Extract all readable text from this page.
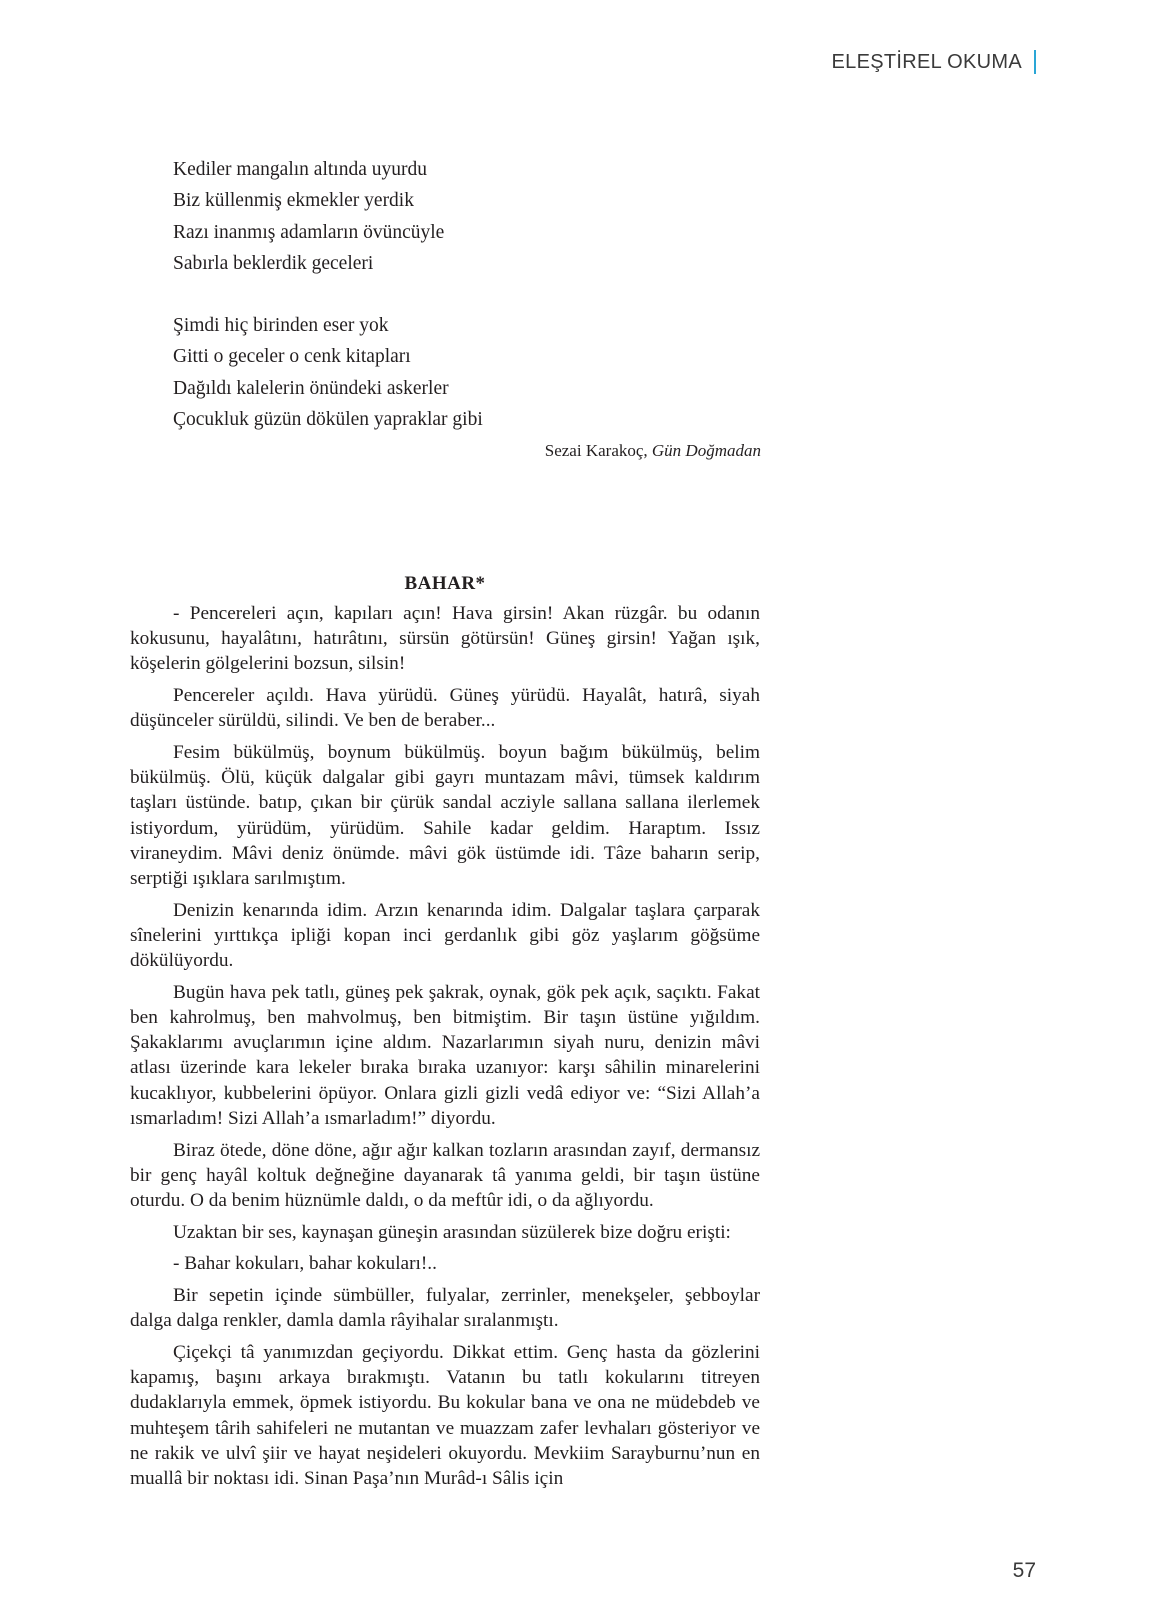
ELEŞTİREL OKUMA
Kediler mangalın altında uyurdu
Biz küllenmiş ekmekler yerdik
Razı inanmış adamların övüncüyle
Sabırla beklerdik geceleri
Şimdi hiç birinden eser yok
Gitti o geceler o cenk kitapları
Dağıldı kalelerin önündeki askerler
Çocukluk güzün dökülen yapraklar gibi
Sezai Karakoç, Gün Doğmadan
BAHAR*

- Pencereleri açın, kapıları açın! Hava girsin! Akan rüzgâr. bu odanın kokusunu, hayalâtını, hatırâtını, sürsün götürsün! Güneş girsin! Yağan ışık, köşelerin gölgelerini bozsun, silsin!

Pencereler açıldı. Hava yürüdü. Güneş yürüdü. Hayalât, hatırâ, siyah düşünceler sürüldü, silindi. Ve ben de beraber...

Fesim bükülmüş, boynum bükülmüş. boyun bağım bükülmüş, belim bükülmüş. Ölü, küçük dalgalar gibi gayrı muntazam mâvi, tümsek kaldırım taşları üstünde. batıp, çıkan bir çürük sandal acziyle sallana sallana ilerlemek istiyordum, yürüdüm, yürüdüm. Sahile kadar geldim. Haraptım. Issız viraneydim. Mâvi deniz önümde. mâvi gök üstümde idi. Tâze baharın serip, serptiği ışıklara sarılmıştım.

Denizin kenarında idim. Arzın kenarında idim. Dalgalar taşlara çarparak sînelerini yırttıkça ipliği kopan inci gerdanlık gibi göz yaşlarım göğsüme dökülüyordu.

Bugün hava pek tatlı, güneş pek şakrak, oynak, gök pek açık, saçıktı. Fakat ben kahrolmuş, ben mahvolmuş, ben bitmiştim. Bir taşın üstüne yığıldım. Şakaklarımı avuçlarımın içine aldım. Nazarlarımın siyah nuru, denizin mâvi atlası üzerinde kara lekeler bıraka bıraka uzanıyor: karşı sâhilin minarelerini kucaklıyor, kubbelerini öpüyor. Onlara gizli gizli vedâ ediyor ve: “Sizi Allah’a ısmarladım! Sizi Allah’a ısmarladım!” diyordu.

Biraz ötede, döne döne, ağır ağır kalkan tozların arasından zayıf, dermansız bir genç hayâl koltuk değneğine dayanarak tâ yanıma geldi, bir taşın üstüne oturdu. O da benim hüznümle daldı, o da meftûr idi, o da ağlıyordu.

Uzaktan bir ses, kaynaşan güneşin arasından süzülerek bize doğru erişti:

- Bahar kokuları, bahar kokuları!..

Bir sepetin içinde sümbüller, fulyalar, zerrinler, menekşeler, şebboylar dalga dalga renkler, damla damla râyihalar sıralanmıştı.

Çiçekçi tâ yanımızdan geçiyordu. Dikkat ettim. Genç hasta da gözlerini kapamış, başını arkaya bırakmıştı. Vatanın bu tatlı kokularını titreyen dudaklarıyla emmek, öpmek istiyordu. Bu kokular bana ve ona ne müdebdeb ve muhteşem târih sahifeleri ne mutantan ve muazzam zafer levhaları gösteriyor ve ne rakik ve ulvî şiir ve hayat neşideleri okuyordu. Mevkiim Sarayburnu’nun en muallâ bir noktası idi. Sinan Paşa’nın Murâd-ı Sâlis için

57
